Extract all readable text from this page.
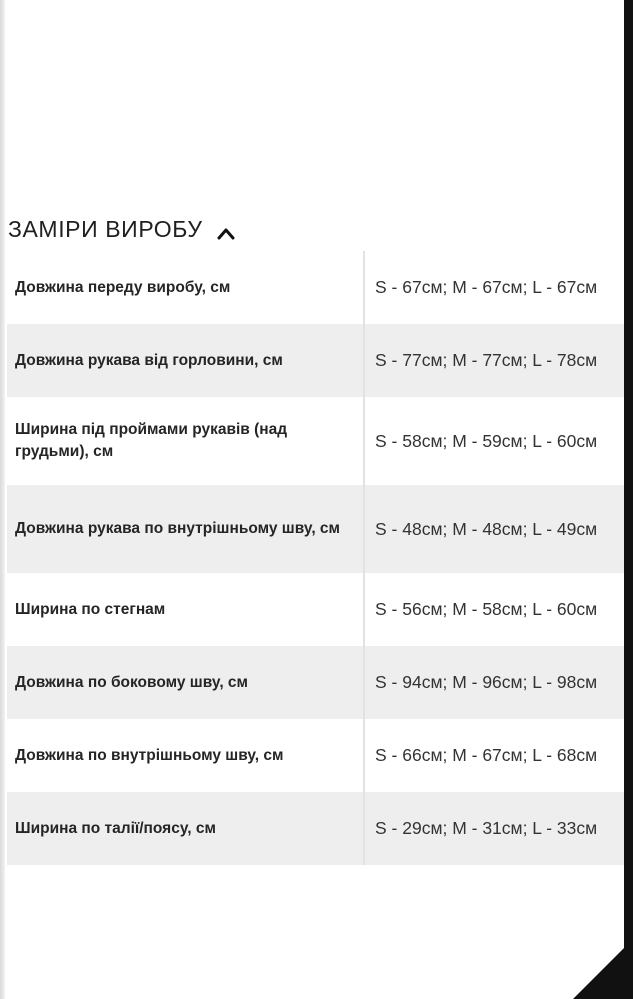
ЗАМІРИ ВИРОБУ
Довжина переду виробу, см	S - 67см; M - 67см; L - 67см
Довжина рукава від горловини, см	S - 77см; M - 77см; L - 78см
Ширина під проймами рукавів (над грудьми), см	S - 58см; M - 59см; L - 60см
Довжина рукава по внутрішньому шву, см	S - 48см; M - 48см; L - 49см
Ширина по стегнам	S - 56см; M - 58см; L - 60см
Довжина по боковому шву, см	S - 94см; M - 96см; L - 98см
Довжина по внутрішньому шву, см	S - 66см; M - 67см; L - 68см
Ширина по талії/поясу, см	S - 29см; M - 31см; L - 33см
